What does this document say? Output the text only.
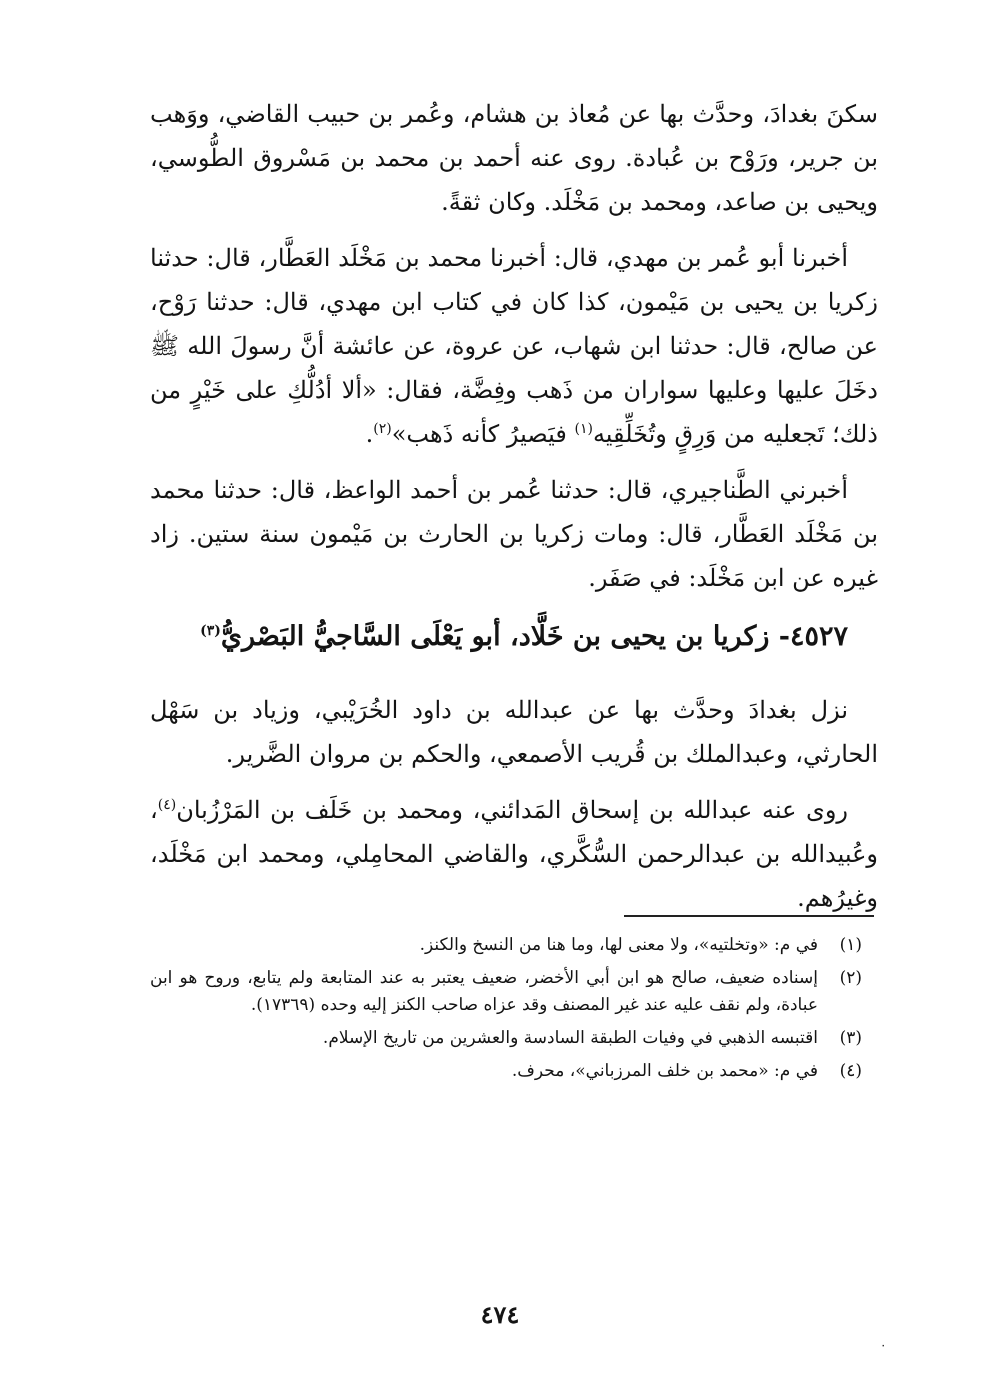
سكنَ بغدادَ، وحدَّث بها عن مُعاذ بن هشام، وعُمر بن حبيب القاضي، ووَهب بن جرير، ورَوْح بن عُبادة. روى عنه أحمد بن محمد بن مَسْروق الطُّوسي، ويحيى بن صاعد، ومحمد بن مَخْلَد. وكان ثقةً.

أخبرنا أبو عُمر بن مهدي، قال: أخبرنا محمد بن مَخْلَد العَطَّار، قال: حدثنا زكريا بن يحيى بن مَيْمون، كذا كان في كتاب ابن مهدي، قال: حدثنا رَوْح، عن صالح، قال: حدثنا ابن شهاب، عن عروة، عن عائشة أنَّ رسولَ الله ﷺ دخَلَ عليها وعليها سواران من ذَهب وفِضَّة، فقال: «ألا أدُلُّكِ على خَيْرٍ من ذلك؛ تَجعليه من وَرِقٍ وتُخَلِّقِيه$^{(١)}$ فيَصيرُ كأنه ذَهب»$^{(٢)}$.

أخبرني الطَّناجيري، قال: حدثنا عُمر بن أحمد الواعظ، قال: حدثنا محمد بن مَخْلَد العَطَّار، قال: ومات زكريا بن الحارث بن مَيْمون سنة ستين. زاد غيره عن ابن مَخْلَد: في صَفَر.

٤٥٢٧- زكريا بن يحيى بن خَلَّاد، أبو يَعْلَى السَّاجيُّ البَصْريُّ$^{(٣)}$

نزل بغدادَ وحدَّث بها عن عبدالله بن داود الخُرَيْبي، وزياد بن سَهْل الحارثي، وعبدالملك بن قُريب الأصمعي، والحكم بن مروان الضَّرير.

روى عنه عبدالله بن إسحاق المَدائني، ومحمد بن خَلَف بن المَرْزُبان$^{(٤)}$، وعُبيدالله بن عبدالرحمن السُّكَّري، والقاضي المحامِلي، ومحمد ابن مَخْلَد، وغيرُهم.

(١)
في م: «وتخلتيه»، ولا معنى لها، وما هنا من النسخ والكنز.
(٢)
إسناده ضعيف، صالح هو ابن أبي الأخضر، ضعيف يعتبر به عند المتابعة ولم يتابع، وروح هو ابن عبادة، ولم نقف عليه عند غير المصنف وقد عزاه صاحب الكنز إليه وحده (١٧٣٦٩).
(٣)
اقتبسه الذهبي في وفيات الطبقة السادسة والعشرين من تاريخ الإسلام.
(٤)
في م: «محمد بن خلف المرزباني»، محرف.
٤٧٤
٠
